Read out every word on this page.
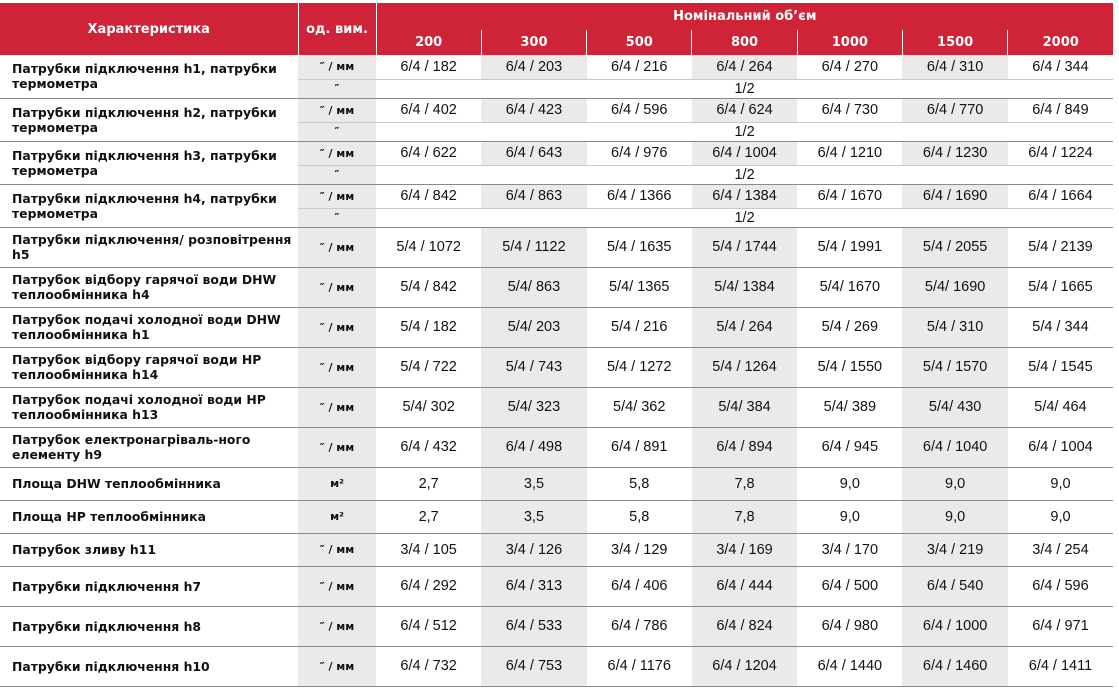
Характеристика	од. вим.	Номінальний об’єм						
		200	300	500	800	1000	1500	2000
Патрубки підключення h1, патрубки термометра	″ / мм	6/4 / 182	6/4 / 203	6/4 / 216	6/4 / 264	6/4 / 270	6/4 / 310	6/4 / 344
	″	1/2						
Патрубки підключення h2, патрубки термометра	″ / мм	6/4 / 402	6/4 / 423	6/4 / 596	6/4 / 624	6/4 / 730	6/4 / 770	6/4 / 849
	″	1/2						
Патрубки підключення h3, патрубки термометра	″ / мм	6/4 / 622	6/4 / 643	6/4 / 976	6/4 / 1004	6/4 / 1210	6/4 / 1230	6/4 / 1224
	″	1/2						
Патрубки підключення h4, патрубки термометра	″ / мм	6/4 / 842	6/4 / 863	6/4 / 1366	6/4 / 1384	6/4 / 1670	6/4 / 1690	6/4 / 1664
	″	1/2						
Патрубки підключення/ розповітрення h5	″ / мм	5/4 / 1072	5/4 / 1122	5/4 / 1635	5/4 / 1744	5/4 / 1991	5/4 / 2055	5/4 / 2139
Патрубок відбору гарячої води DHW теплообмінника h4	″ / мм	5/4 / 842	5/4/ 863	5/4/ 1365	5/4/ 1384	5/4/ 1670	5/4/ 1690	5/4 / 1665
Патрубок подачі холодної води DHW теплообмінника h1	″ / мм	5/4 / 182	5/4/ 203	5/4 / 216	5/4 / 264	5/4 / 269	5/4 / 310	5/4 / 344
Патрубок відбору гарячої води HP теплообмінника h14	″ / мм	5/4 / 722	5/4 / 743	5/4 / 1272	5/4 / 1264	5/4 / 1550	5/4 / 1570	5/4 / 1545
Патрубок подачі холодної води HP теплообмінника h13	″ / мм	5/4/ 302	5/4/ 323	5/4/ 362	5/4/ 384	5/4/ 389	5/4/ 430	5/4/ 464
Патрубок електронагріваль-ного елементу h9	″ / мм	6/4 / 432	6/4 / 498	6/4 / 891	6/4 / 894	6/4 / 945	6/4 / 1040	6/4 / 1004
Площа DHW теплообмінника	м²	2,7	3,5	5,8	7,8	9,0	9,0	9,0
Площа HP теплообмінника	м²	2,7	3,5	5,8	7,8	9,0	9,0	9,0
Патрубок зливу h11	″ / мм	3/4 / 105	3/4 / 126	3/4 / 129	3/4 / 169	3/4 / 170	3/4 / 219	3/4 / 254
Патрубки підключення h7	″ / мм	6/4 / 292	6/4 / 313	6/4 / 406	6/4 / 444	6/4 / 500	6/4 / 540	6/4 / 596
Патрубки підключення h8	″ / мм	6/4 / 512	6/4 / 533	6/4 / 786	6/4 / 824	6/4 / 980	6/4 / 1000	6/4 / 971
Патрубки підключення h10	″ / мм	6/4 / 732	6/4 / 753	6/4 / 1176	6/4 / 1204	6/4 / 1440	6/4 / 1460	6/4 / 1411
